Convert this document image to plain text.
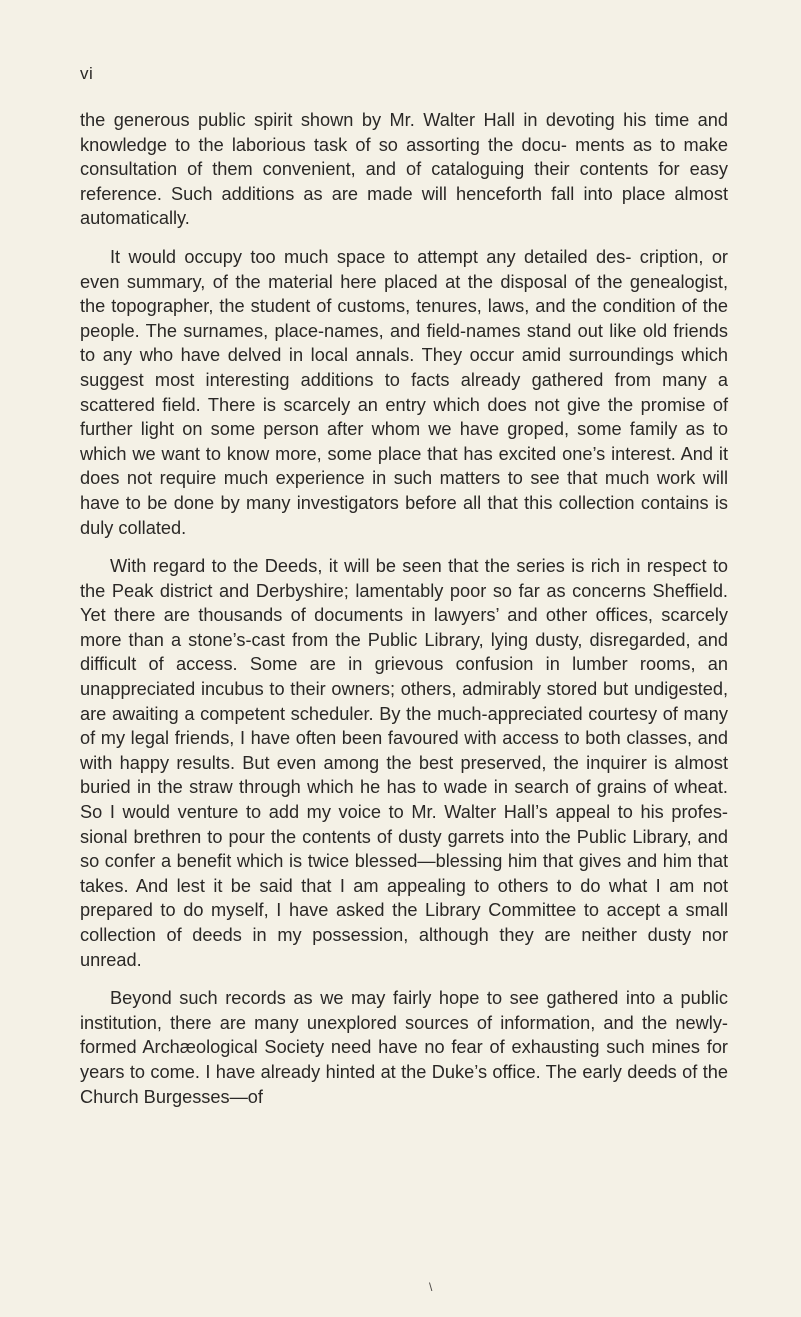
vi

the generous public spirit shown by Mr. Walter Hall in devoting his time and knowledge to the laborious task of so assorting the docu- ments as to make consultation of them convenient, and of cataloguing their contents for easy reference. Such additions as are made will henceforth fall into place almost automatically.

It would occupy too much space to attempt any detailed des- cription, or even summary, of the material here placed at the disposal of the genealogist, the topographer, the student of customs, tenures, laws, and the condition of the people. The surnames, place-names, and field-names stand out like old friends to any who have delved in local annals. They occur amid surroundings which suggest most interesting additions to facts already gathered from many a scattered field. There is scarcely an entry which does not give the promise of further light on some person after whom we have groped, some family as to which we want to know more, some place that has excited one’s interest. And it does not require much experience in such matters to see that much work will have to be done by many investigators before all that this collection contains is duly collated.

With regard to the Deeds, it will be seen that the series is rich in respect to the Peak district and Derbyshire; lamentably poor so far as concerns Sheffield. Yet there are thousands of documents in lawyers’ and other offices, scarcely more than a stone’s-cast from the Public Library, lying dusty, disregarded, and difficult of access. Some are in grievous confusion in lumber rooms, an unappreciated incubus to their owners; others, admirably stored but undigested, are awaiting a competent scheduler. By the much-appreciated courtesy of many of my legal friends, I have often been favoured with access to both classes, and with happy results. But even among the best preserved, the inquirer is almost buried in the straw through which he has to wade in search of grains of wheat. So I would venture to add my voice to Mr. Walter Hall’s appeal to his profes- sional brethren to pour the contents of dusty garrets into the Public Library, and so confer a benefit which is twice blessed—blessing him that gives and him that takes. And lest it be said that I am appealing to others to do what I am not prepared to do myself, I have asked the Library Committee to accept a small collection of deeds in my possession, although they are neither dusty nor unread.

Beyond such records as we may fairly hope to see gathered into a public institution, there are many unexplored sources of information, and the newly-formed Archæological Society need have no fear of exhausting such mines for years to come. I have already hinted at the Duke’s office. The early deeds of the Church Burgesses—of

\
